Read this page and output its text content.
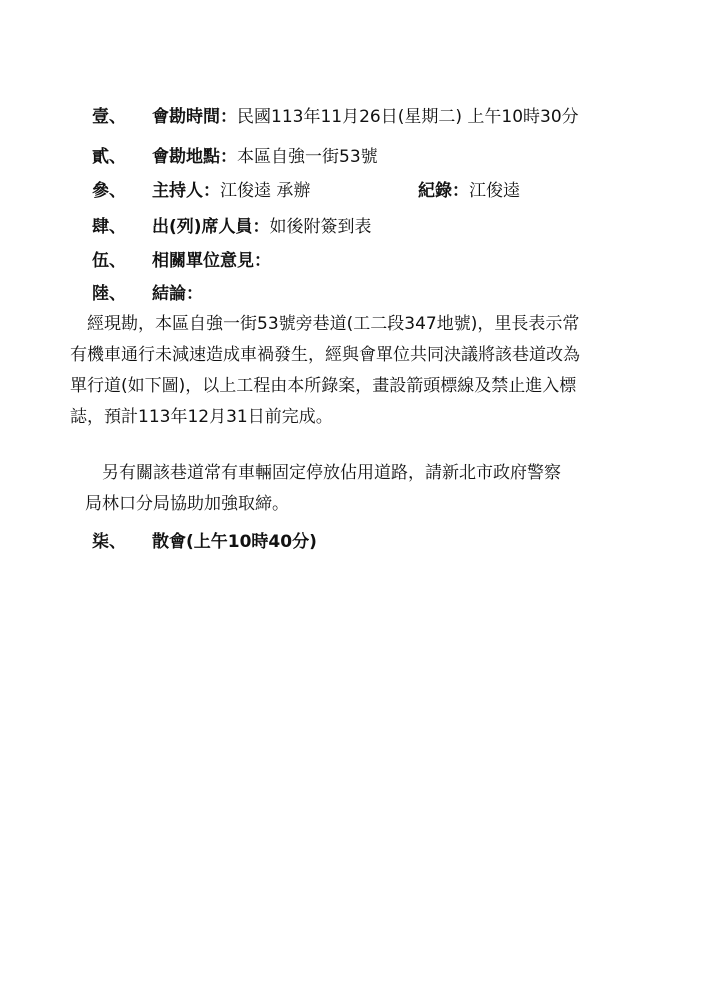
壹、	會勘時間： 民國113年11月26日(星期二) 上午10時30分
貳、	會勘地點： 本區自強一街53號
參、	主持人： 江俊逵 承辦	紀錄： 江俊逵
肆、	出(列)席人員： 如後附簽到表
伍、	相關單位意見：
陸、	結論：
經現勘，本區自強一街53號旁巷道(工二段347地號)，里長表示常
有機車通行未減速造成車禍發生，經與會單位共同決議將該巷道改為
單行道(如下圖)，以上工程由本所錄案，畫設箭頭標線及禁止進入標
誌，預計113年12月31日前完成。
另有關該巷道常有車輛固定停放佔用道路，請新北市政府警察
局林口分局協助加強取締。
柒、	散會(上午10時40分)
